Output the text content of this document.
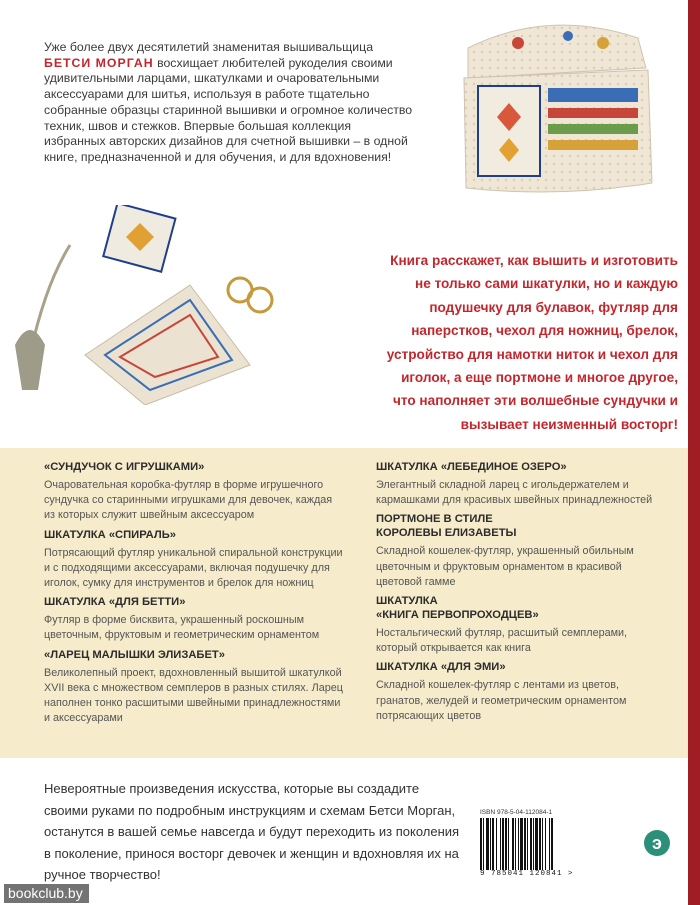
Уже более двух десятилетий знаменитая вышивальщица БЕТСИ МОРГАН восхищает любителей рукоделия своими удивительными ларцами, шкатулками и очаровательными аксессуарами для шитья, используя в работе тщательно собранные образцы старинной вышивки и огромное количество техник, швов и стежков. Впервые большая коллекция избранных авторских дизайнов для счетной вышивки – в одной книге, предназначенной и для обучения, и для вдохновения!
Книга расскажет, как вышить и изготовить
не только сами шкатулки, но и каждую
подушечку для булавок, футляр для
наперстков, чехол для ножниц, брелок,
устройство для намотки ниток и чехол для
иголок, а еще портмоне и многое другое,
что наполняет эти волшебные сундучки и
вызывает неизменный восторг!
«СУНДУЧОК С ИГРУШКАМИ»
Очаровательная коробка-футляр в форме игрушечного сундучка со старинными игрушками для девочек, каждая из которых служит швейным аксессуаром
ШКАТУЛКА «СПИРАЛЬ»
Потрясающий футляр уникальной спиральной конструкции и с подходящими аксессуарами, включая подушечку для иголок, сумку для инструментов и брелок для ножниц
ШКАТУЛКА «ДЛЯ БЕТТИ»
Футляр в форме бисквита, украшенный роскошным цветочным, фруктовым и геометрическим орнаментом
«ЛАРЕЦ МАЛЫШКИ ЭЛИЗАБЕТ»
Великолепный проект, вдохновленный вышитой шкатулкой XVII века с множеством семплеров в разных стилях. Ларец наполнен тонко расшитыми швейными принадлежностями и аксессуарами
ШКАТУЛКА «ЛЕБЕДИНОЕ ОЗЕРО»
Элегантный складной ларец с игольдержателем и кармашками для красивых швейных принадлежностей
ПОРТМОНЕ В СТИЛЕ
КОРОЛЕВЫ ЕЛИЗАВЕТЫ
Складной кошелек-футляр, украшенный обильным цветочным и фруктовым орнаментом в красивой цветовой гамме
ШКАТУЛКА
«КНИГА ПЕРВОПРОХОДЦЕВ»
Ностальгический футляр, расшитый семплерами, который открывается как книга
ШКАТУЛКА «ДЛЯ ЭМИ»
Складной кошелек-футляр с лентами из цветов, гранатов, желудей и геометрическим орнаментом потрясающих цветов
Невероятные произведения искусства, которые вы создадите своими руками по подробным инструкциям и схемам Бетси Морган, останутся в вашей семье навсегда и будут переходить из поколения в поколение, принося восторг девочек и женщин и вдохновляя их на ручное творчество!
ISBN 978-5-04-112084-1
9 785041 120841 >
э
bookclub.by
